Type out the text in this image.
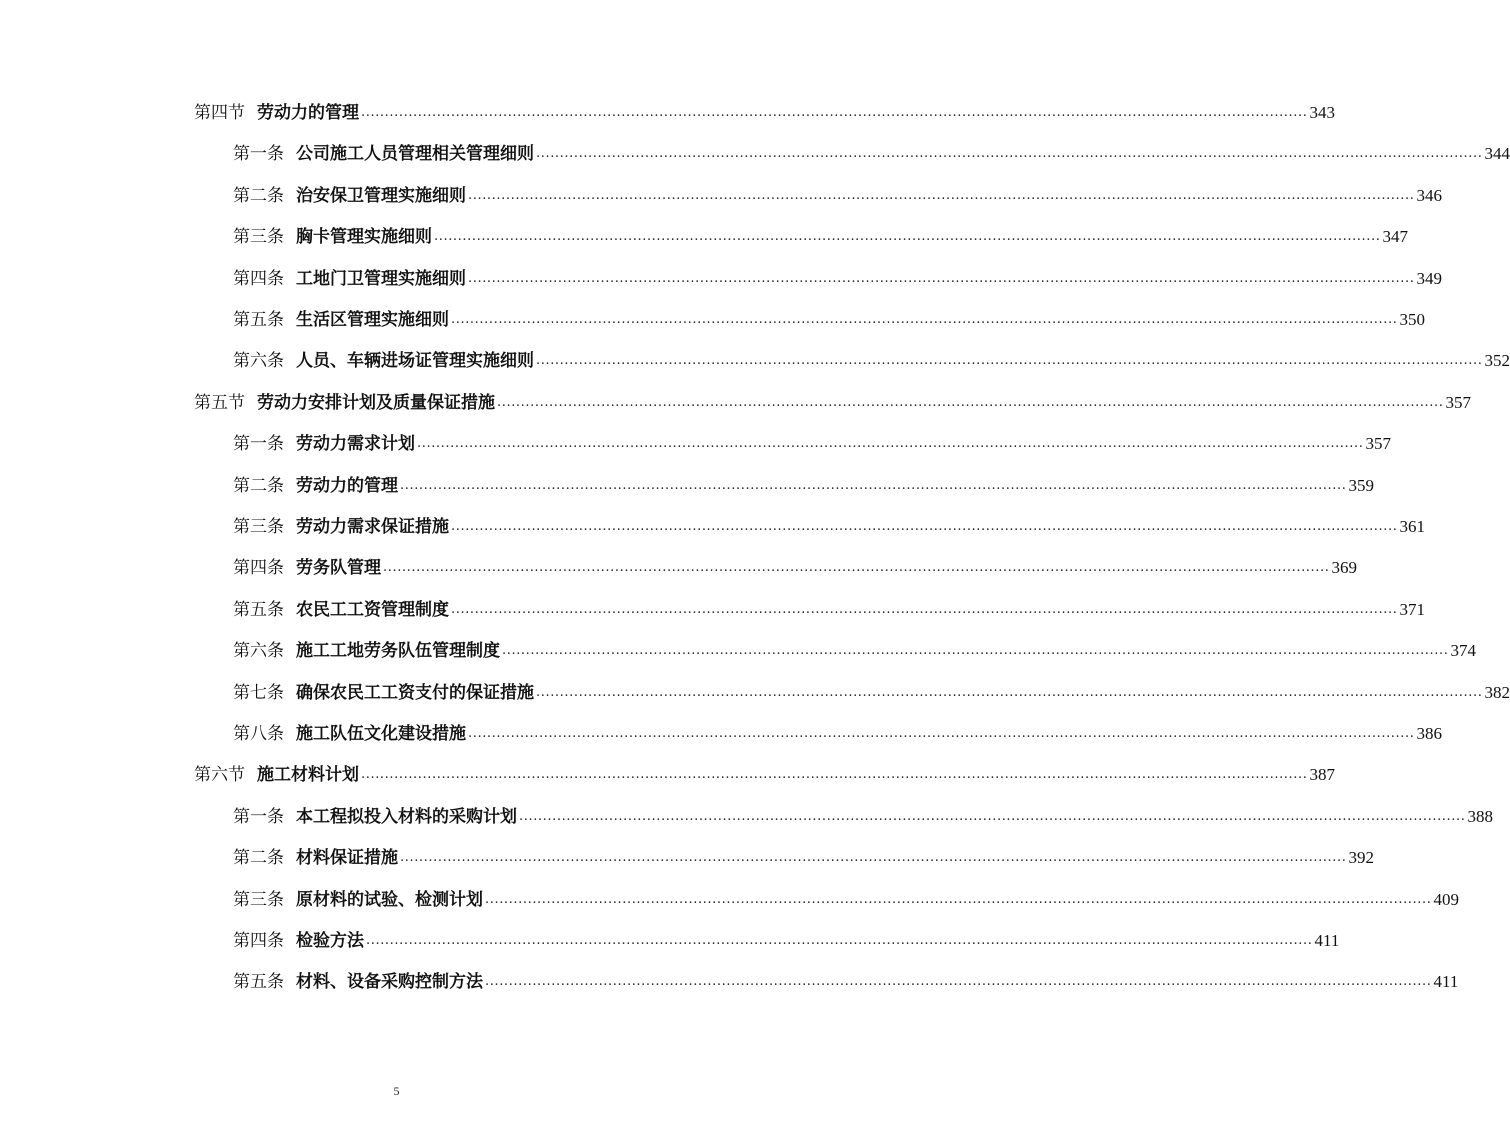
第四节 劳动力的管理 ........................................................................................................................................................................................................ 343
第一条 公司施工人员管理相关管理细则 ........................................................................................................................................................................................................ 344
第二条 治安保卫管理实施细则 ........................................................................................................................................................................................................ 346
第三条 胸卡管理实施细则 ........................................................................................................................................................................................................ 347
第四条 工地门卫管理实施细则 ........................................................................................................................................................................................................ 349
第五条 生活区管理实施细则 ........................................................................................................................................................................................................ 350
第六条 人员、车辆进场证管理实施细则 ........................................................................................................................................................................................................ 352
第五节 劳动力安排计划及质量保证措施 ........................................................................................................................................................................................................ 357
第一条 劳动力需求计划 ........................................................................................................................................................................................................ 357
第二条 劳动力的管理 ........................................................................................................................................................................................................ 359
第三条 劳动力需求保证措施 ........................................................................................................................................................................................................ 361
第四条 劳务队管理 ........................................................................................................................................................................................................ 369
第五条 农民工工资管理制度 ........................................................................................................................................................................................................ 371
第六条 施工工地劳务队伍管理制度 ........................................................................................................................................................................................................ 374
第七条 确保农民工工资支付的保证措施 ........................................................................................................................................................................................................ 382
第八条 施工队伍文化建设措施 ........................................................................................................................................................................................................ 386
第六节 施工材料计划 ........................................................................................................................................................................................................ 387
第一条 本工程拟投入材料的采购计划 ........................................................................................................................................................................................................ 388
第二条 材料保证措施 ........................................................................................................................................................................................................ 392
第三条 原材料的试验、检测计划 ........................................................................................................................................................................................................ 409
第四条 检验方法 ........................................................................................................................................................................................................ 411
第五条 材料、设备采购控制方法 ........................................................................................................................................................................................................ 411
5
